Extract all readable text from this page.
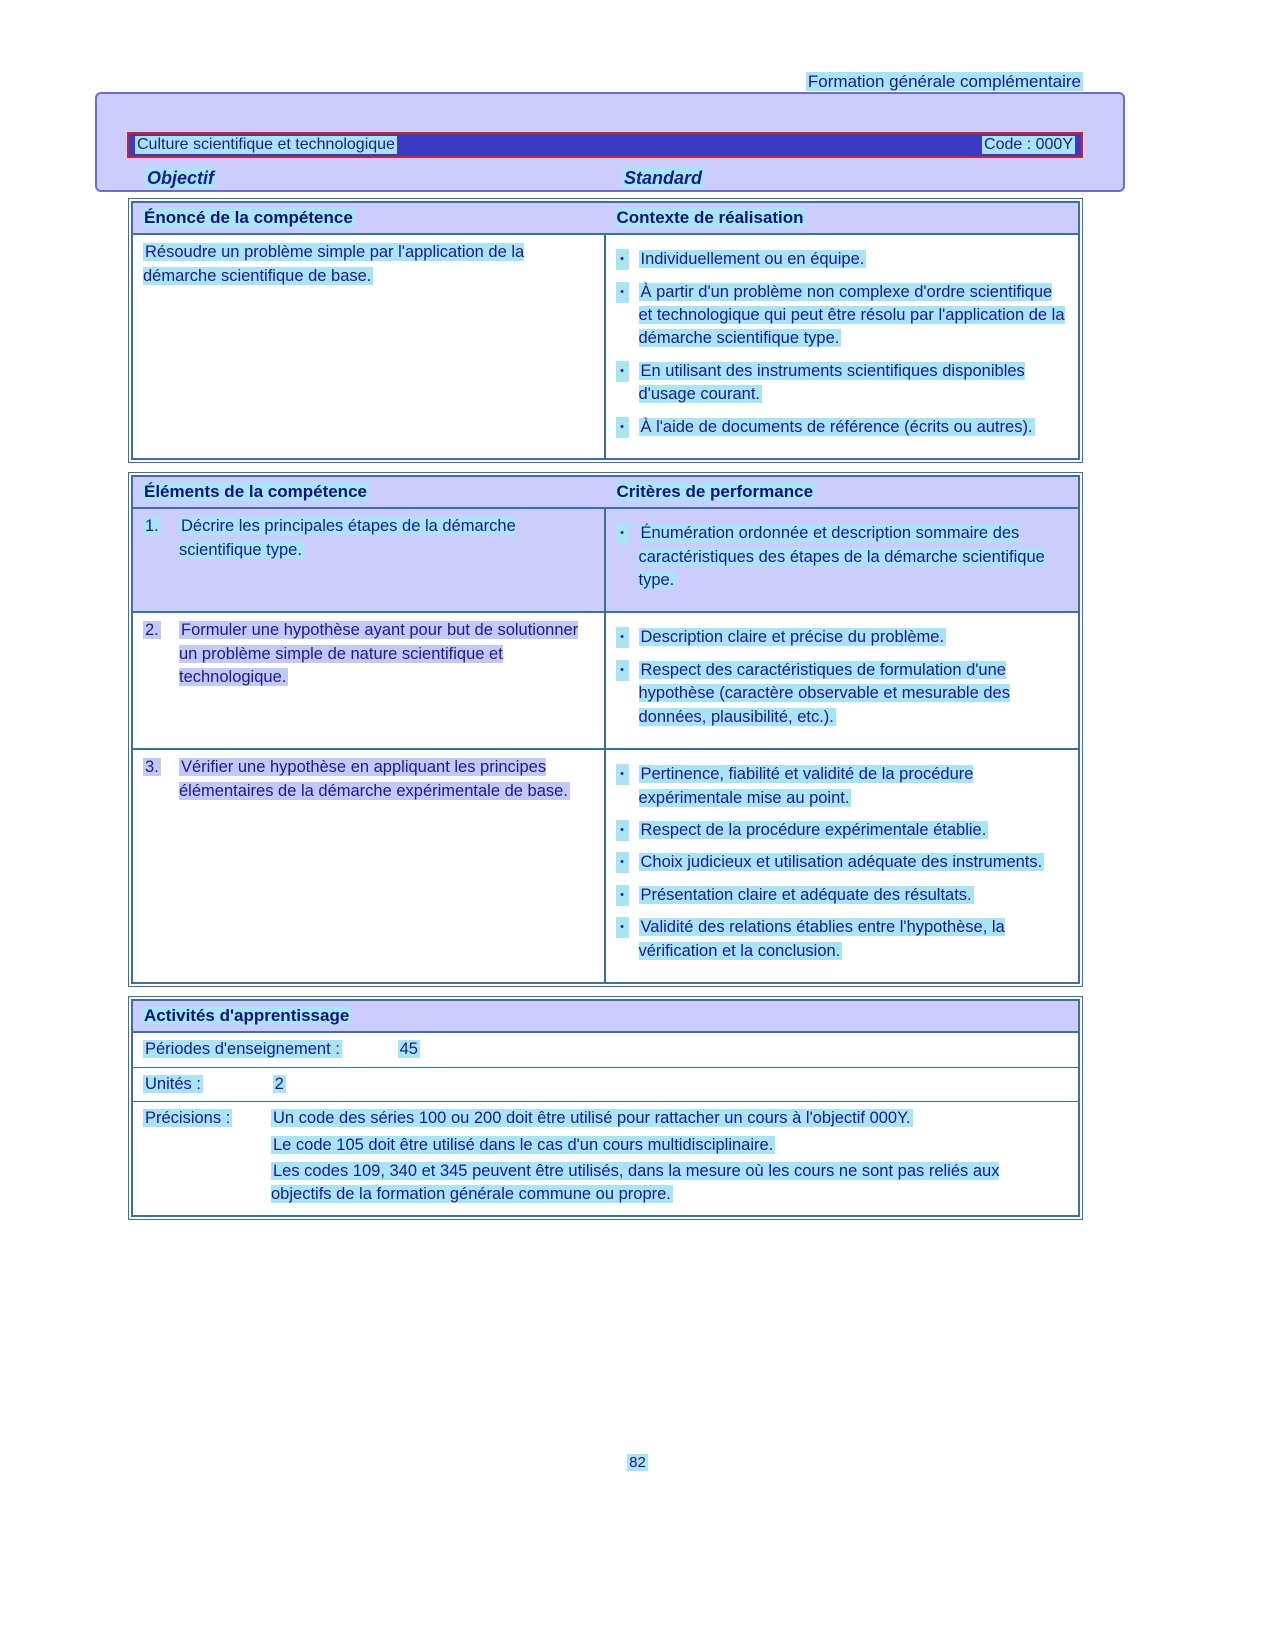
Formation générale complémentaire
Culture scientifique et technologique	Code : 000Y
Objectif	Standard
Énoncé de la compétence	Contexte de réalisation
Résoudre un problème simple par l'application de la démarche scientifique de base.
• Individuellement ou en équipe.
• À partir d'un problème non complexe d'ordre scientifique et technologique qui peut être résolu par l'application de la démarche scientifique type.
• En utilisant des instruments scientifiques disponibles d'usage courant.
• À l'aide de documents de référence (écrits ou autres).
Éléments de la compétence	Critères de performance
1.	Décrire les principales étapes de la démarche scientifique type.
• Énumération ordonnée et description sommaire des caractéristiques des étapes de la démarche scientifique type.
2.	Formuler une hypothèse ayant pour but de solutionner un problème simple de nature scientifique et technologique.
• Description claire et précise du problème.
• Respect des caractéristiques de formulation d'une hypothèse (caractère observable et mesurable des données, plausibilité, etc.).
3.	Vérifier une hypothèse en appliquant les principes élémentaires de la démarche expérimentale de base.
• Pertinence, fiabilité et validité de la procédure expérimentale mise au point.
• Respect de la procédure expérimentale établie.
• Choix judicieux et utilisation adéquate des instruments.
• Présentation claire et adéquate des résultats.
• Validité des relations établies entre l'hypothèse, la vérification et la conclusion.
Activités d'apprentissage
Périodes d'enseignement :	45
Unités :	2
Précisions :	Un code des séries 100 ou 200 doit être utilisé pour rattacher un cours à l'objectif 000Y.
Le code 105 doit être utilisé dans le cas d'un cours multidisciplinaire.
Les codes 109, 340 et 345 peuvent être utilisés, dans la mesure où les cours ne sont pas reliés aux objectifs de la formation générale commune ou propre.
82
